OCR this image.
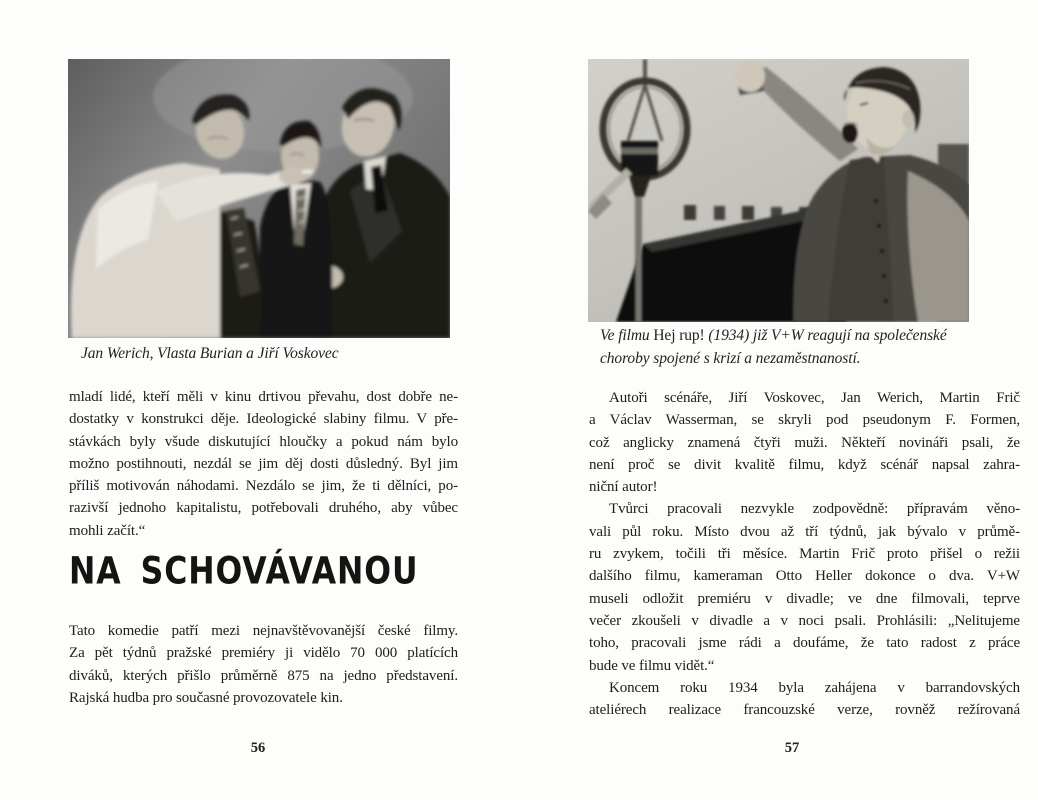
Jan Werich, Vlasta Burian a Jiří Voskovec
mladí lidé, kteří měli v kinu drtivou převahu, dost dobře ne-
dostatky v konstrukci děje. Ideologické slabiny filmu. V pře-
stávkách byly všude diskutující hloučky a pokud nám bylo
možno postihnouti, nezdál se jim děj dosti důsledný. Byl jim
příliš motivován náhodami. Nezdálo se jim, že ti dělníci, po-
razivší jednoho kapitalistu, potřebovali druhého, aby vůbec
mohli začít.“
NA SCHOVÁVANOU
Tato komedie patří mezi nejnavštěvovanější české filmy.
Za pět týdnů pražské premiéry ji vidělo 70 000 platících
diváků, kterých přišlo průměrně 875 na jedno představení.
Rajská hudba pro současné provozovatele kin.
56
Ve filmu Hej rup! (1934) již V+W reagují na společenské
choroby spojené s krizí a nezaměstnaností.
Autoři scénáře, Jiří Voskovec, Jan Werich, Martin Frič
a Václav Wasserman, se skryli pod pseudonym F. Formen,
což anglicky znamená čtyři muži. Někteří novináři psali, že
není proč se divit kvalitě filmu, když scénář napsal zahra-
niční autor!
Tvůrci pracovali nezvykle zodpovědně: přípravám věno-
vali půl roku. Místo dvou až tří týdnů, jak bývalo v průmě-
ru zvykem, točili tři měsíce. Martin Frič proto přišel o režii
dalšího filmu, kameraman Otto Heller dokonce o dva. V+W
museli odložit premiéru v divadle; ve dne filmovali, teprve
večer zkoušeli v divadle a v noci psali. Prohlásili: „Nelitujeme
toho, pracovali jsme rádi a doufáme, že tato radost z práce
bude ve filmu vidět.“
Koncem roku 1934 byla zahájena v barrandovských
ateliérech realizace francouzské verze, rovněž režírovaná
57
